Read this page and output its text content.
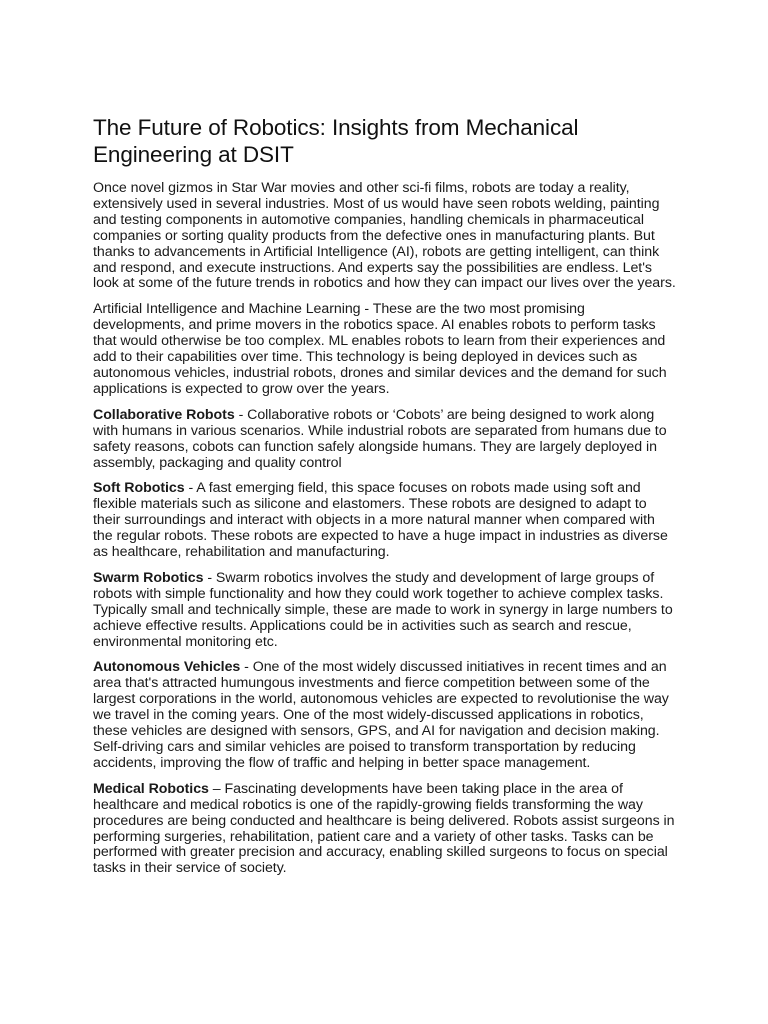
The Future of Robotics: Insights from Mechanical Engineering at DSIT

Once novel gizmos in Star War movies and other sci-fi films, robots are today a reality, extensively used in several industries. Most of us would have seen robots welding, painting and testing components in automotive companies, handling chemicals in pharmaceutical companies or sorting quality products from the defective ones in manufacturing plants. But thanks to advancements in Artificial Intelligence (AI), robots are getting intelligent, can think and respond, and execute instructions. And experts say the possibilities are endless. Let's look at some of the future trends in robotics and how they can impact our lives over the years.

Artificial Intelligence and Machine Learning - These are the two most promising developments, and prime movers in the robotics space. AI enables robots to perform tasks that would otherwise be too complex. ML enables robots to learn from their experiences and add to their capabilities over time. This technology is being deployed in devices such as autonomous vehicles, industrial robots, drones and similar devices and the demand for such applications is expected to grow over the years.

Collaborative Robots - Collaborative robots or ‘Cobots’ are being designed to work along with humans in various scenarios. While industrial robots are separated from humans due to safety reasons, cobots can function safely alongside humans. They are largely deployed in assembly, packaging and quality control

Soft Robotics - A fast emerging field, this space focuses on robots made using soft and flexible materials such as silicone and elastomers. These robots are designed to adapt to their surroundings and interact with objects in a more natural manner when compared with the regular robots. These robots are expected to have a huge impact in industries as diverse as healthcare, rehabilitation and manufacturing.

Swarm Robotics - Swarm robotics involves the study and development of large groups of robots with simple functionality and how they could work together to achieve complex tasks. Typically small and technically simple, these are made to work in synergy in large numbers to achieve effective results. Applications could be in activities such as search and rescue, environmental monitoring etc.

Autonomous Vehicles - One of the most widely discussed initiatives in recent times and an area that's attracted humungous investments and fierce competition between some of the largest corporations in the world, autonomous vehicles are expected to revolutionise the way we travel in the coming years. One of the most widely-discussed applications in robotics, these vehicles are designed with sensors, GPS, and AI for navigation and decision making. Self-driving cars and similar vehicles are poised to transform transportation by reducing accidents, improving the flow of traffic and helping in better space management.

Medical Robotics – Fascinating developments have been taking place in the area of healthcare and medical robotics is one of the rapidly-growing fields transforming the way procedures are being conducted and healthcare is being delivered. Robots assist surgeons in performing surgeries, rehabilitation, patient care and a variety of other tasks. Tasks can be performed with greater precision and accuracy, enabling skilled surgeons to focus on special tasks in their service of society.
